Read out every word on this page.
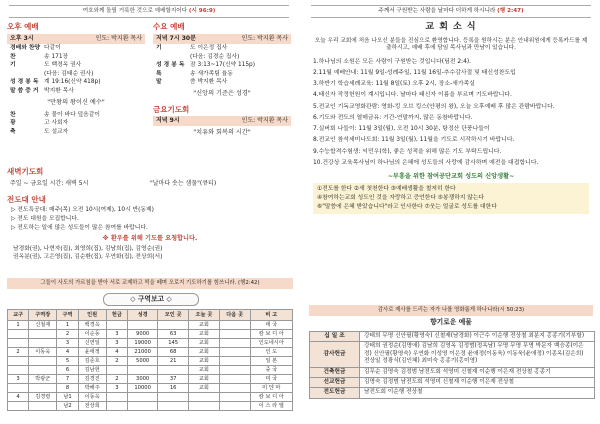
여호와께 돌릴 거룩한 것으로 예배할지어다 (시 96:9)
오후 예배
오후 3시	인도: 박지환 목사
경배와 찬양 다같이
찬	송 171장
기	도 백경옥 권사
(다음: 김태순 권사)
성 경 봉 독 계 19:16(신약 418p)
말 씀 증 거 박지환 목사
"만왕의 왕이신 예수"
찬	송 물이 바다 덮음같이
광	고 사회자
축	도 설교자
수요 예배
저녁 7시 30분	인도: 박지환 목사
기	도 이은정 집사
(다음: 김경순 집사)
성 경 봉 독 잠 3:13~17(신약 115p)
특	송 새가족팀 율동
말	씀 박지환 목사
"신앙의 기준은 성경"
금요기도회
저녁 9시	인도: 박지환 목사
"치유와 회복의 시간"
새벽기도회
주일 ~ 금요일 시간: 새벽 5시	"날마다 솟는 샘물"(큐티)
전도대 안내
▷ 전도특공대: 매주(목) 오전 10시(여제), 10시 반(동제)
▷ 전도 대원을 모집합니다.
▷ 전도하는 일에 많은 성도들이 많은 참여를 바랍니다.
※ 환우를 위해 기도를 요청합니다.
남경화(권), 나현자(집), 최영희(집), 김남희(집), 김영순(권)
권옥분(권), 고은영(집), 김순환(집), 우연화(집), 전상희(서)
그들이 사도의 가르침을 받아 서로 교제하고 떡을 떼며 오로지 기도하기를 힘쓰니라. (행2:42)
◇ 구역보고 ◇
교구	구역장	구역	인원	헌금	성경	모인 곳	오늘 곳	다음 곳	비 고
1	신철재	1	백경옥				교회		태 국
		2	이순동	3	9000	63	교회		캄 보 디 아
		3	신연일	3	19000	145	교회		인도네시아
2	이동욱	4	윤애정	4	21000	68	교회		인 도
		5	김준호	2	5000	21	교회		일 본
		6	김남헌				교회		중 국
3	박광군	7	김경진	2	3000	37	교회		미 국
		8	박해주	3	10000	16	교회		미 얀 마
4	김경령	남1	이동욱						캄 보 디 아
		남2	전상희						이 스 라 엘
주께서 구원받는 사람을 날마다 더하게 하시니라 (행 2:47)
교 회 소 식
오늘 우리 교회에 처음 나오신 분들을 진심으로 환영합니다. 등록을 원하시는 분은 안내위원에게 등록카드를 제출하시고, 예배 후에 담임 목사님과 만남이 있습니다.
1.하나님의 소원은 모든 사람이 구원받는 것입니다(딤전 2:4).
2.11월 예배안내: 11월 9일-성례주일, 11월 16일-추수감사절 및 태신성찬도입
3.하반기 학습세례교육: 11월 8일(토) 오후 2시, 장소-새가족실
4.태신자 작정헌원이 계시입니다. 날마다 태신자 이름을 부르며 기도바랍니다.
5.전교인 기독교영화관람: 영화-킹 오브 킹스(안평의 왕), 오늘 오후예배 후 많은 관람바랍니다.
6.기도와 전도의 열매금유: 기간-연말까지, 많은 동참바랍니다.
7.실버회 나들이: 11월 3일(월), 오전 10시 30분, 탕정산 단풍나들이
8.전교인 참석세미나도회: 11월 3일(월), 11월을 기도로 시작하시기 바랍니다.
9.수능합격수험생: 익민우(학), 좋은 성적을 위해 많은 기도 부탁드립니다.
10.건강상 교육목사님이 하나님의 은혜에 성도들의 사랑에 감사하며 예전을 대접합니다.
~부흥을 위한 참여공단교회 성도의 신앙생활~
①전도를 한다 ②새 첫천한다 ③예배생활을 철저히 한다
④참여하는교회 성도인 것을 자랑하고 증언한다 ⑤봉쟁하지 않는다
⑥"말씀에 은혜 받았습니다"라고 인사한다 ⑦웃는 얼굴로 성도를 대한다
감사로 제사를 드리는 자가 나를 영화롭게 하나니라(시 50:23)
향기로운 예물
십 일 조	강태희 무명 신안필(황영숙) 신철재(남경화) 이근수 이순행 전상철 최분지 홍종기(기부할)
감사헌금	강태희 권정순(김명애) 김남희 김영옥 김정범(정옥남) 무명 무명 무명 박문자 백승종(이은정) 신안필(황영숙) 우연화 이성영 이은정 윤애정(이동욱) 이동욱(윤애정) 이종옥(김은희) 전상일 정광식(김인혜) 최미숙 홍종기(홍미영)
건축헌금	김무순 김명숙 김정범 남전도회 석영미 신철재 이순행 이은재 전상철 홍종기
선교헌금	김명숙 김정범 남전도회 석영미 신철재 이순행 이은재 전상철
전도헌금	남전도회 이순행 전상철
